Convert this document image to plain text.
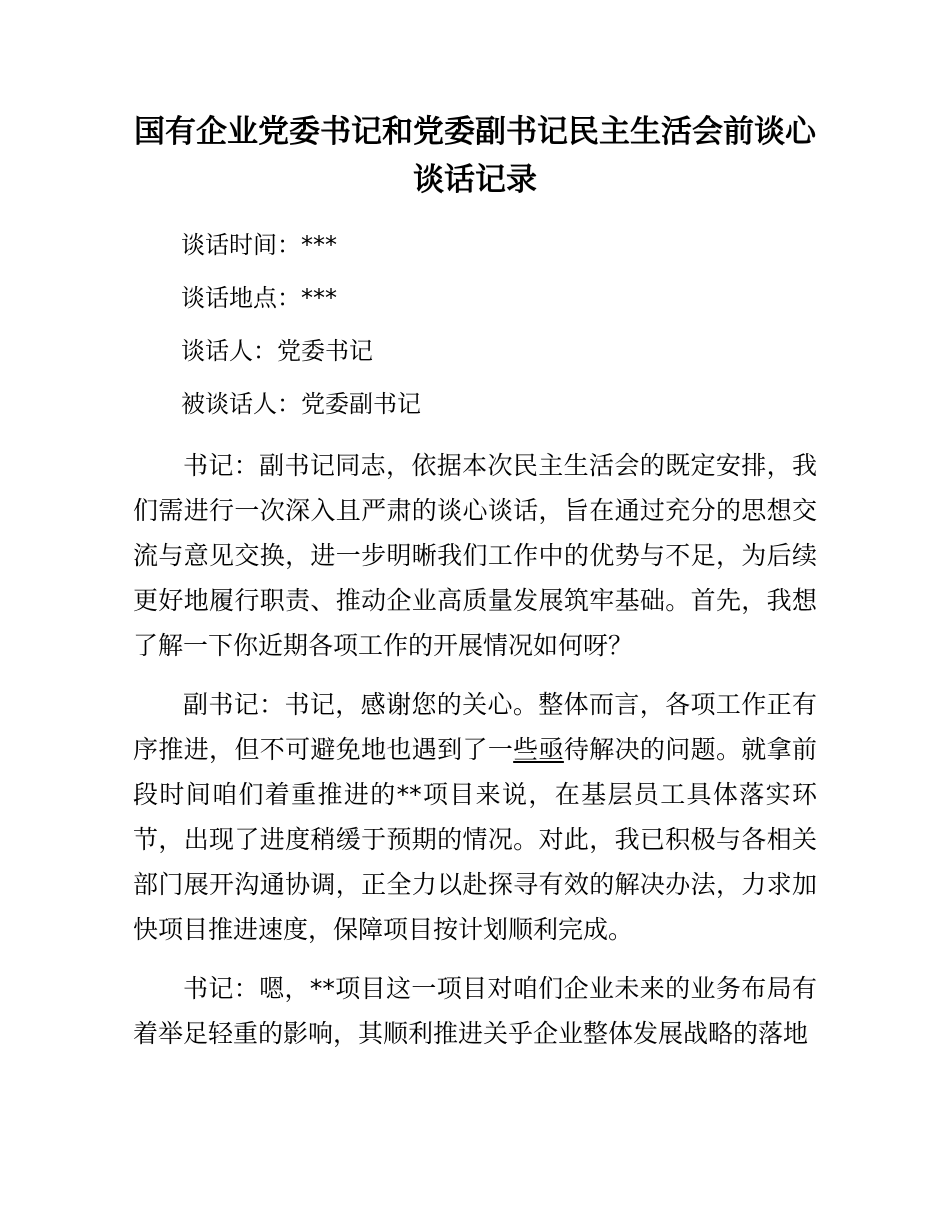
国有企业党委书记和党委副书记民主生活会前谈心谈话记录

谈话时间：***

谈话地点：***

谈话人：党委书记

被谈话人：党委副书记

书记：副书记同志，依据本次民主生活会的既定安排，我们需进行一次深入且严肃的谈心谈话，旨在通过充分的思想交流与意见交换，进一步明晰我们工作中的优势与不足，为后续更好地履行职责、推动企业高质量发展筑牢基础。首先，我想了解一下你近期各项工作的开展情况如何呀？

副书记：书记，感谢您的关心。整体而言，各项工作正有序推进，但不可避免地也遇到了一些亟待解决的问题。就拿前段时间咱们着重推进的**项目来说，在基层员工具体落实环节，出现了进度稍缓于预期的情况。对此，我已积极与各相关部门展开沟通协调，正全力以赴探寻有效的解决办法，力求加快项目推进速度，保障项目按计划顺利完成。

书记：嗯，**项目这一项目对咱们企业未来的业务布局有着举足轻重的影响，其顺利推进关乎企业整体发展战略的落地
